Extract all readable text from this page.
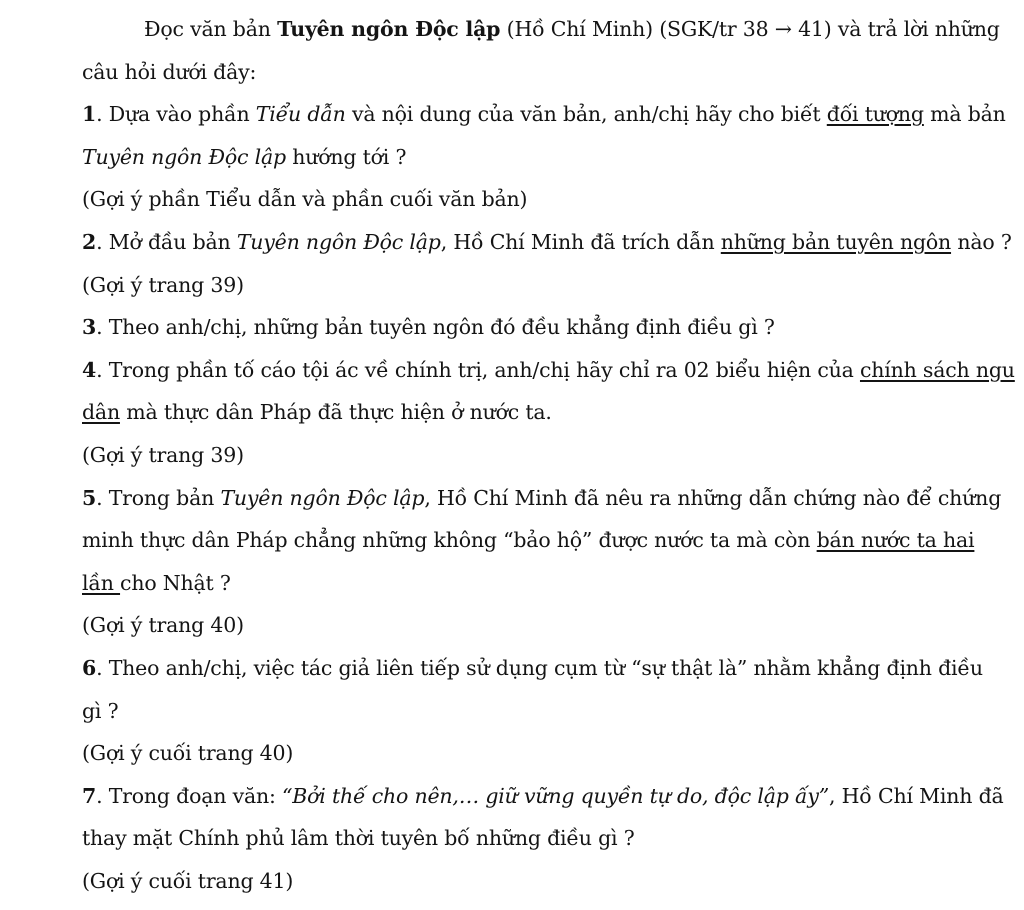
Đọc văn bản Tuyên ngôn Độc lập (Hồ Chí Minh) (SGK/tr 38 → 41) và trả lời những
câu hỏi dưới đây:
1. Dựa vào phần Tiểu dẫn và nội dung của văn bản, anh/chị hãy cho biết đối tượng mà bản
Tuyên ngôn Độc lập hướng tới ?
(Gợi ý phần Tiểu dẫn và phần cuối văn bản)
2. Mở đầu bản Tuyên ngôn Độc lập, Hồ Chí Minh đã trích dẫn những bản tuyên ngôn nào ?
(Gợi ý trang 39)
3. Theo anh/chị, những bản tuyên ngôn đó đều khẳng định điều gì ?
4. Trong phần tố cáo tội ác về chính trị, anh/chị hãy chỉ ra 02 biểu hiện của chính sách ngu
dân mà thực dân Pháp đã thực hiện ở nước ta.
(Gợi ý trang 39)
5. Trong bản Tuyên ngôn Độc lập, Hồ Chí Minh đã nêu ra những dẫn chứng nào để chứng
minh thực dân Pháp chẳng những không “bảo hộ” được nước ta mà còn bán nước ta hai
lần cho Nhật ?
(Gợi ý trang 40)
6. Theo anh/chị, việc tác giả liên tiếp sử dụng cụm từ “sự thật là” nhằm khẳng định điều
gì ?
(Gợi ý cuối trang 40)
7. Trong đoạn văn: “Bởi thế cho nên,… giữ vững quyền tự do, độc lập ấy”, Hồ Chí Minh đã
thay mặt Chính phủ lâm thời tuyên bố những điều gì ?
(Gợi ý cuối trang 41)
